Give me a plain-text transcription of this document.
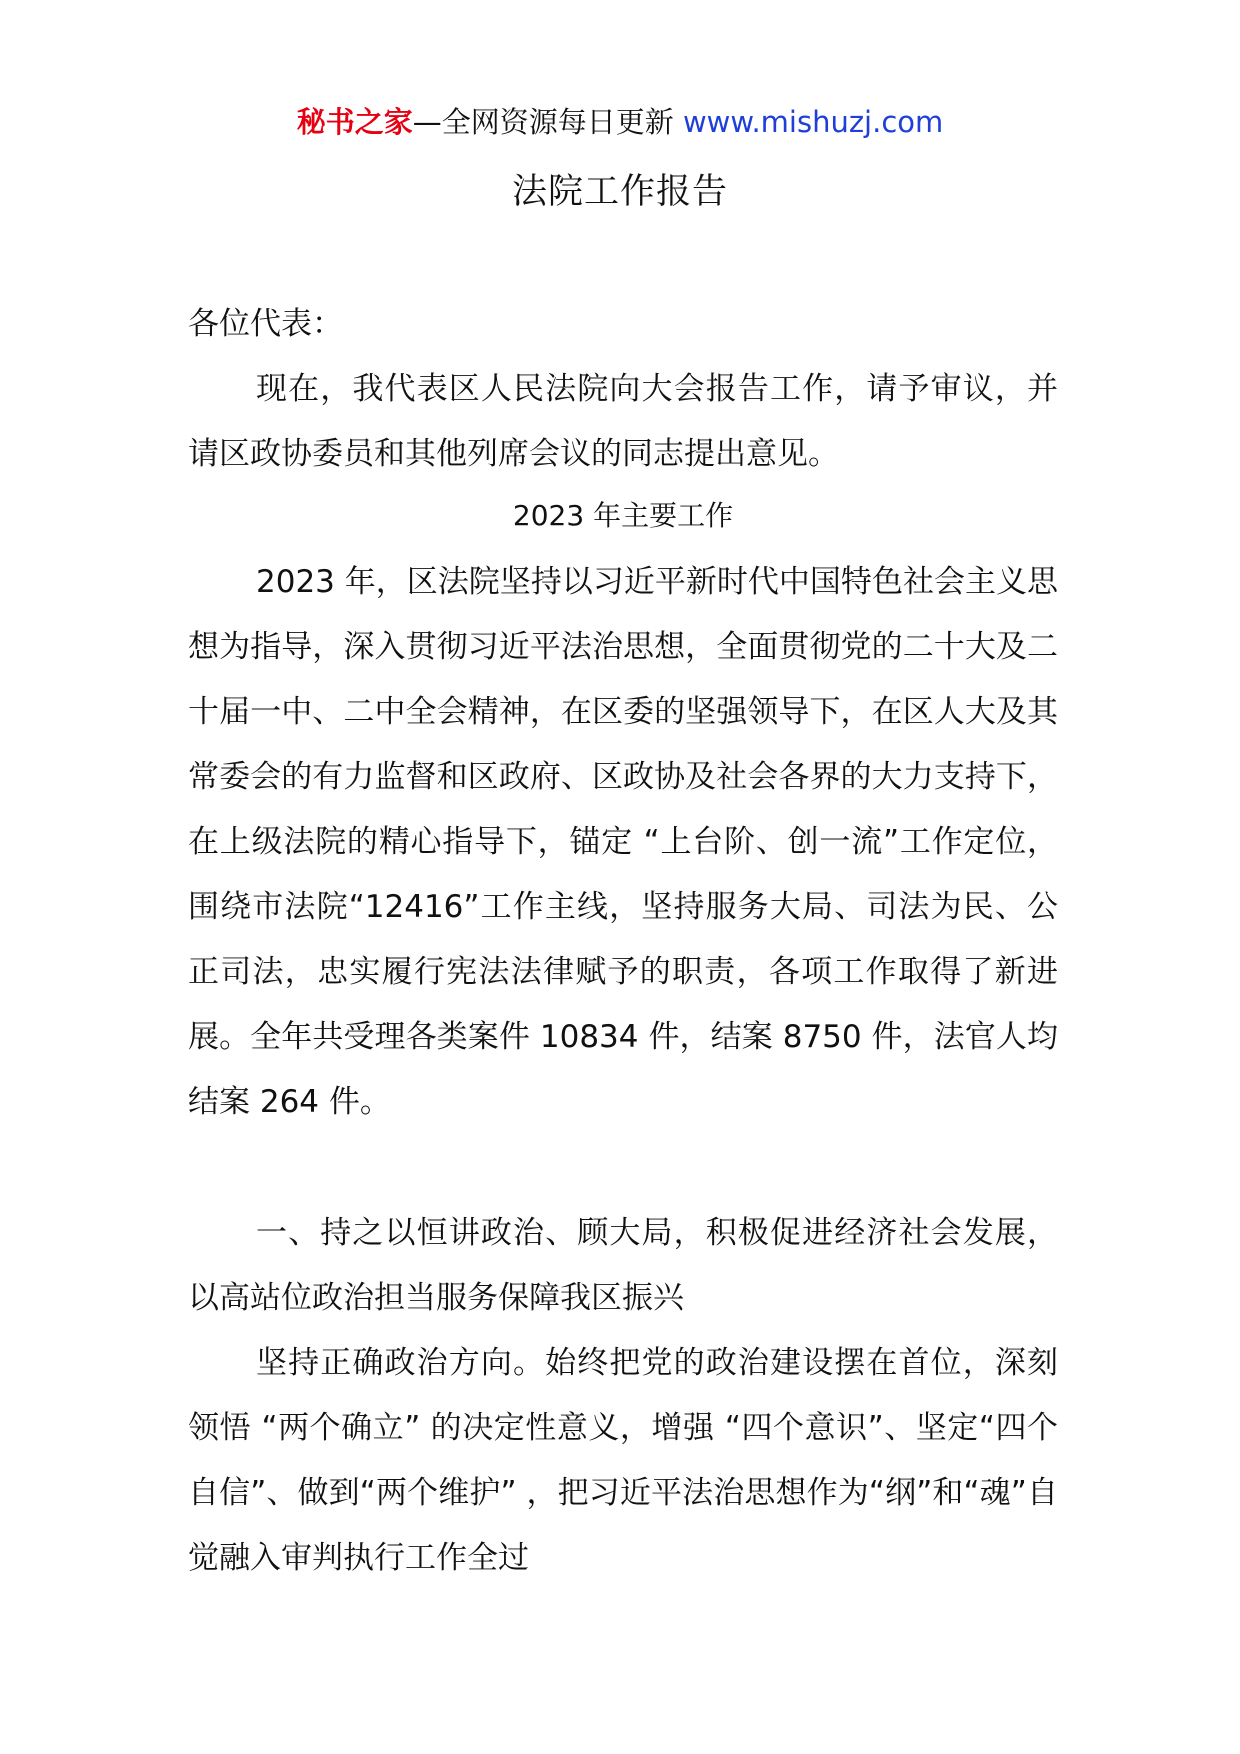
秘书之家—全网资源每日更新 www.mishuzj.com
法院工作报告
各位代表：
现在，我代表区人民法院向大会报告工作，请予审议，并请区政协委员和其他列席会议的同志提出意见。
2023 年主要工作
2023 年，区法院坚持以习近平新时代中国特色社会主义思想为指导，深入贯彻习近平法治思想，全面贯彻党的二十大及二十届一中、二中全会精神，在区委的坚强领导下，在区人大及其常委会的有力监督和区政府、区政协及社会各界的大力支持下，在上级法院的精心指导下，锚定 “上台阶、创一流”工作定位，围绕市法院“12416”工作主线，坚持服务大局、司法为民、公正司法，忠实履行宪法法律赋予的职责，各项工作取得了新进展。全年共受理各类案件 10834 件，结案 8750 件，法官人均结案 264 件。
一、持之以恒讲政治、顾大局，积极促进经济社会发展，以高站位政治担当服务保障我区振兴
坚持正确政治方向。始终把党的政治建设摆在首位，深刻领悟 “两个确立” 的决定性意义，增强 “四个意识”、坚定“四个自信”、做到“两个维护” ，把习近平法治思想作为“纲”和“魂”自觉融入审判执行工作全过
